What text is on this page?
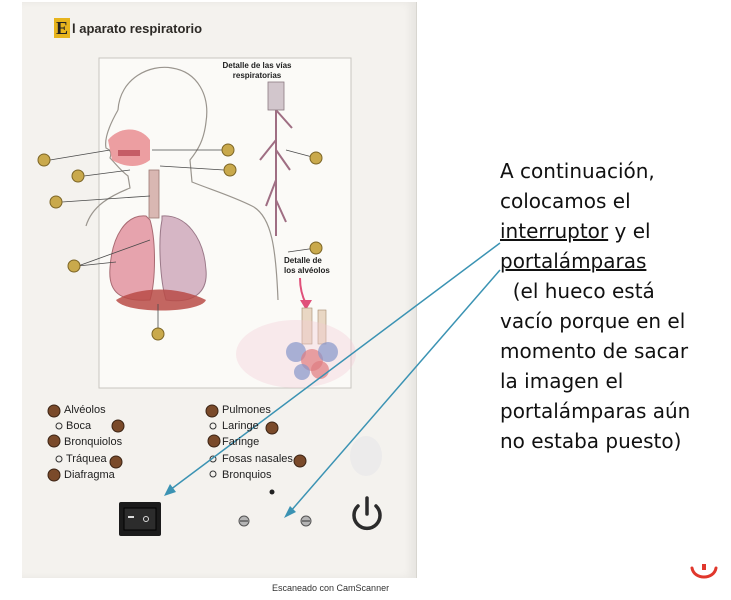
E l aparato respiratorio
Detalle de las vías
respiratorias
Detalle de
los alvéolos
Alvéolos
Boca
Bronquiolos
Tráquea
Diafragma
Pulmones
Laringe
Faringe
Fosas nasales
Bronquios
Escaneado con CamScanner
A continuación,
colocamos el
interruptor y el
portalámparas
(el hueco está
vacío porque en el
momento de sacar
la imagen el
portalámparas aún
no estaba puesto)
